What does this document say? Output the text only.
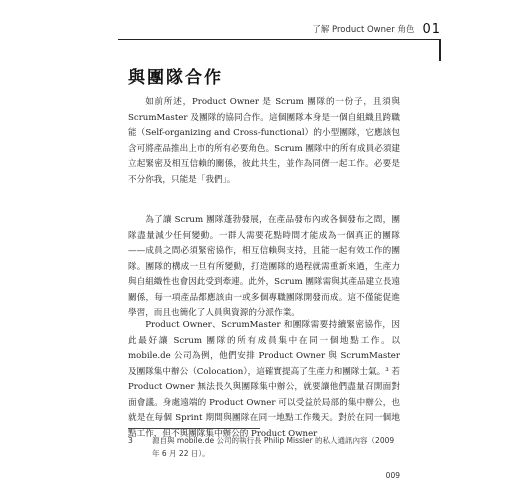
了解 Product Owner 角色 01
與團隊合作

如前所述，Product Owner 是 Scrum 團隊的一份子，且須與 ScrumMaster 及團隊的協同合作。這個團隊本身是一個自組織且跨職能（Self-organizing and Cross-functional）的小型團隊，它應該包含可將產品推出上市的所有必要角色。Scrum 團隊中的所有成員必須建立起緊密及相互信賴的關係，彼此共生，並作為同儕一起工作。必要是不分你我，只能是「我們」。

為了讓 Scrum 團隊蓬勃發展，在產品發布內或各個發布之間，團隊盡量減少任何變動。一群人需要花點時間才能成為一個真正的團隊——成員之間必須緊密協作，相互信賴與支持，且能一起有效工作的團隊。團隊的構成一旦有所變動，打造團隊的過程就需重新來過，生產力與自組織性也會因此受到牽連。此外，Scrum 團隊需與其產品建立長遠關係，每一項產品都應該由一或多個專職團隊開發而成。這不僅能促進學習，而且也簡化了人員與資源的分派作業。

Product Owner、ScrumMaster 和團隊需要持續緊密協作，因此最好讓 Scrum 團隊的所有成員集中在同一個地點工作。以 mobile.de 公司為例，他們安排 Product Owner 與 ScrumMaster 及團隊集中辦公（Colocation），這確實提高了生產力和團隊士氣。³ 若 Product Owner 無法長久與團隊集中辦公，就要讓他們盡量召開面對面會議。身處遠端的 Product Owner 可以受益於局部的集中辦公，也就是在每個 Sprint 期間與團隊在同一地點工作幾天。對於在同一個地點工作，但不與團隊集中辦公的 Product Owner

3	源自與 mobile.de 公司的執行長 Philip Missler 的私人通訊內容（2009 年 6 月 22 日）。
009
